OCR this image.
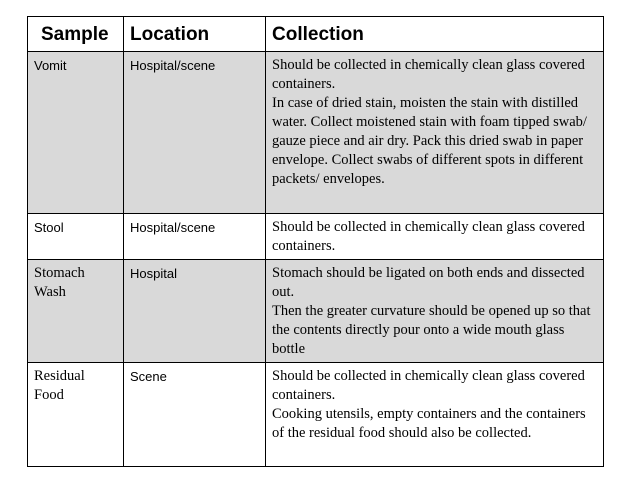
Sample	Location	Collection

Vomit	Hospital/scene	Should be collected in chemically clean glass covered containers.
In case of dried stain, moisten the stain with distilled water. Collect moistened stain with foam tipped swab/ gauze piece and air dry. Pack this dried swab in paper envelope. Collect swabs of different spots in different packets/ envelopes.

Stool	Hospital/scene	Should be collected in chemically clean glass covered containers.

Stomach Wash	Hospital	Stomach should be ligated on both ends and dissected out.
Then the greater curvature should be opened up so that the contents directly pour onto a wide mouth glass bottle

Residual Food	Scene	Should be collected in chemically clean glass covered containers.
Cooking utensils, empty containers and the containers of the residual food should also be collected.
